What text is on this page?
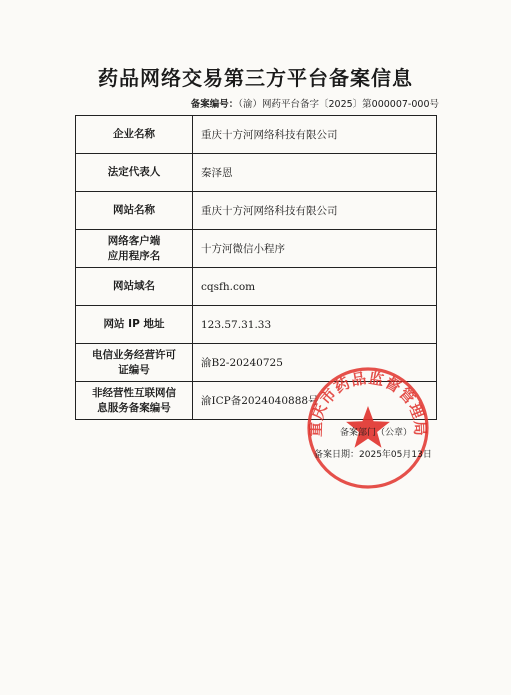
药品网络交易第三方平台备案信息
备案编号：（渝）网药平台备字〔2025〕第000007-000号
企业名称	重庆十方河网络科技有限公司
法定代表人	秦泽恩
网站名称	重庆十方河网络科技有限公司
网络客户端
应用程序名	十方河微信小程序
网站域名	cqsfh.com
网站 IP 地址	123.57.31.33
电信业务经营许可
证编号	渝B2-20240725
非经营性互联网信
息服务备案编号	渝ICP备2024040888号
重庆市药品监督管理局
备案部门（公章）
备案日期：2025年05月13日
